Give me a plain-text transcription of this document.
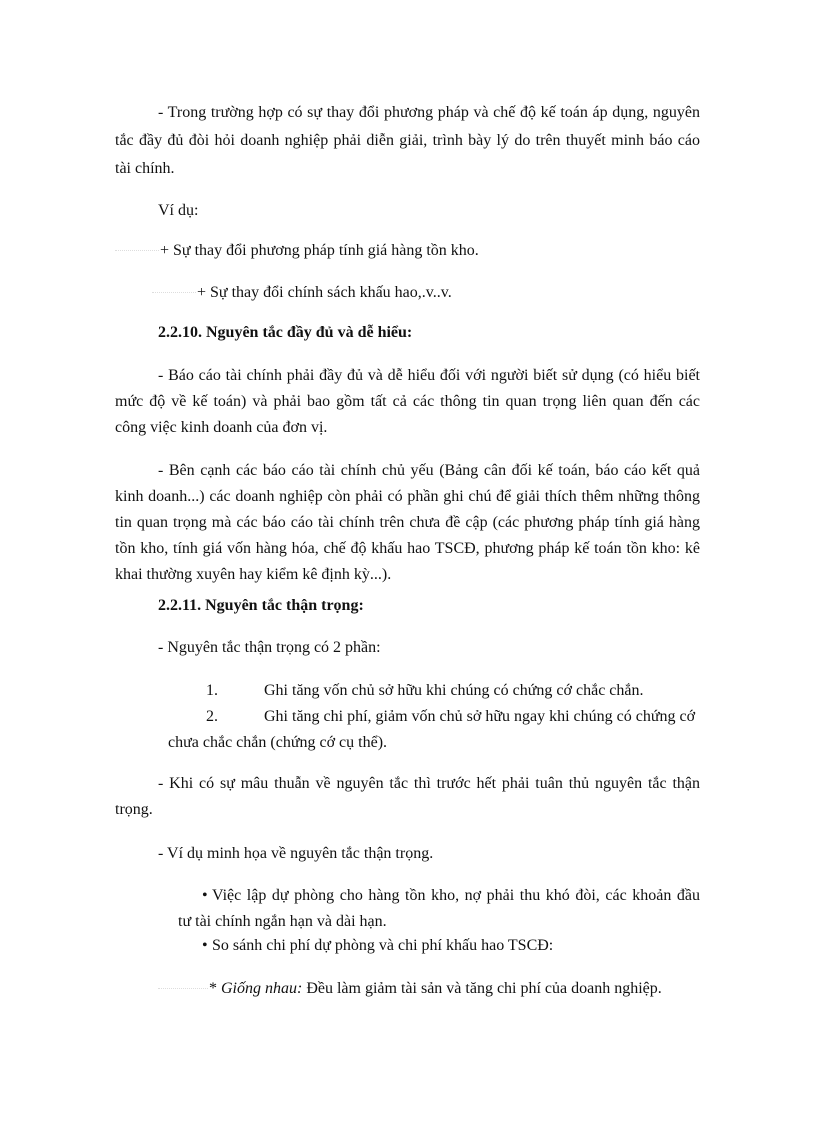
- Trong trường hợp có sự thay đổi phương pháp và chế độ kế toán áp dụng, nguyên

tắc đầy đủ đòi hỏi doanh nghiệp phải diễn giải, trình bày lý do trên thuyết minh báo cáo

tài chính.

Ví dụ:

+ Sự thay đổi phương pháp tính giá hàng tồn kho.

+ Sự thay đổi chính sách khấu hao,.v..v.

2.2.10. Nguyên tắc đầy đủ và dễ hiểu:

- Báo cáo tài chính phải đầy đủ và dễ hiểu đối với người biết sử dụng (có hiểu biết

mức độ về kế toán) và phải bao gồm tất cả các thông tin quan trọng liên quan đến các

công việc kinh doanh của đơn vị.

- Bên cạnh các báo cáo tài chính chủ yếu (Bảng cân đối kế toán, báo cáo kết quả

kinh doanh...) các doanh nghiệp còn phải có phần ghi chú để giải thích thêm những thông

tin quan trọng mà các báo cáo tài chính trên chưa đề cập (các phương pháp tính giá hàng

tồn kho, tính giá vốn hàng hóa, chế độ khấu hao TSCĐ, phương pháp kế toán tồn kho: kê

khai thường xuyên hay kiểm kê định kỳ...).

2.2.11. Nguyên tắc thận trọng:

- Nguyên tắc thận trọng có 2 phần:

1.	Ghi tăng vốn chủ sở hữu khi chúng có chứng cớ chắc chắn.

2.	Ghi tăng chi phí, giảm vốn chủ sở hữu ngay khi chúng có chứng cớ

chưa chắc chắn (chứng cớ cụ thể).

- Khi có sự mâu thuẫn về nguyên tắc thì trước hết phải tuân thủ nguyên tắc thận

trọng.

- Ví dụ minh họa về nguyên tắc thận trọng.

• Việc lập dự phòng cho hàng tồn kho, nợ phải thu khó đòi, các khoản đầu

tư tài chính ngắn hạn và dài hạn.

• So sánh chi phí dự phòng và chi phí khấu hao TSCĐ:

* Giống nhau: Đều làm giảm tài sản và tăng chi phí của doanh nghiệp.
